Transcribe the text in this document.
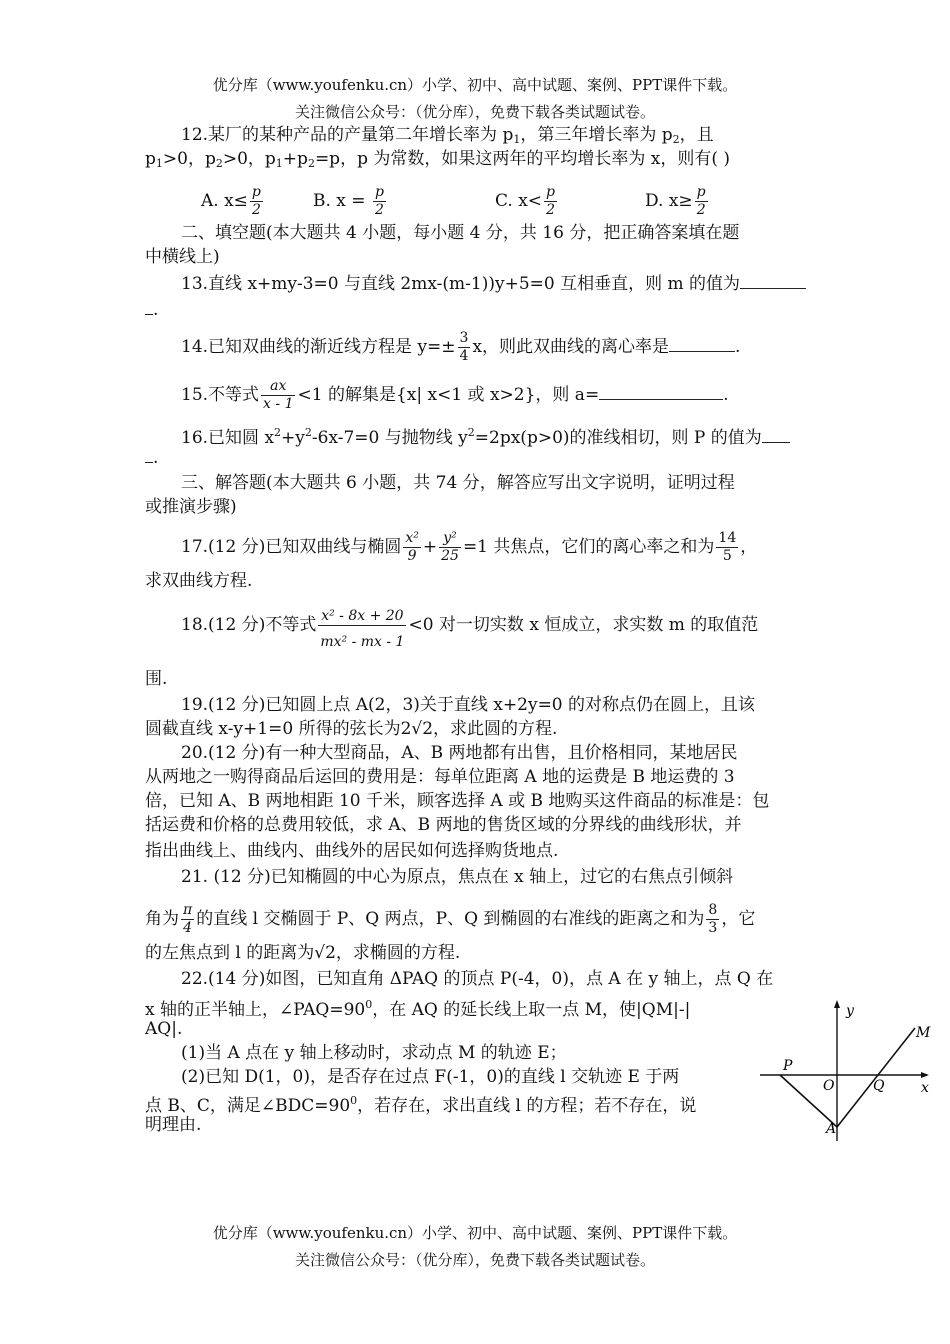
优分库（www.youfenku.cn）小学、初中、高中试题、案例、PPT课件下载。
关注微信公众号：（优分库），免费下载各类试题试卷。
12.某厂的某种产品的产量第二年增长率为 $p_1$，第三年增长率为 $p_2$，且
$p_1>0$，$p_2>0$，$p_1+p_2=p$，p 为常数，如果这两年的平均增长率为 x，则有( )
A. $x\le \frac{p}{2}$	B. $x = \frac{p}{2}$	C. $x< \frac{p}{2}$	D. $x\ge \frac{p}{2}$
二、填空题(本大题共 4 小题，每小题 4 分，共 16 分，把正确答案填在题
中横线上)
13.直线 x+my-3=0 与直线 2mx-(m-1))y+5=0 互相垂直，则 m 的值为
.
14.已知双曲线的渐近线方程是 $y=\pm \frac{3}{4}$ x，则此双曲线的离心率是	.
15.不等式 $\frac{ax}{x - 1} <1$ 的解集是{x| x<1 或 x>2}，则 a=	.
16.已知圆 $x^2+y^2-6x-7=0$ 与抛物线 $y^2=2px(p>0)$的准线相切，则 P 的值为
.
三、解答题(本大题共 6 小题，共 74 分，解答应写出文字说明，证明过程
或推演步骤)
17.(12 分)已知双曲线与椭圆 $\frac{\text{x²}}{9} + \frac{\text{y²}}{25} =1$ 共焦点，它们的离心率之和为 $\frac{14}{5}$ ，
求双曲线方程.
18.(12 分)不等式 $\frac{\text{x² - 8x + 20}}{\text{mx² - mx - 1}} <0$ 对一切实数 x 恒成立，求实数 m 的取值范
围.
19.(12 分)已知圆上点 A(2，3)关于直线 x+2y=0 的对称点仍在圆上，且该
圆截直线 x-y+1=0 所得的弦长为2√2，求此圆的方程.
20.(12 分)有一种大型商品，A、B 两地都有出售，且价格相同，某地居民
从两地之一购得商品后运回的费用是：每单位距离 A 地的运费是 B 地运费的 3
倍，已知 A、B 两地相距 10 千米，顾客选择 A 或 B 地购买这件商品的标准是：包
括运费和价格的总费用较低，求 A、B 两地的售货区域的分界线的曲线形状，并
指出曲线上、曲线内、曲线外的居民如何选择购货地点.
21. (12 分)已知椭圆的中心为原点，焦点在 x 轴上，过它的右焦点引倾斜
角为 $\frac{\pi}{4}$ 的直线 l 交椭圆于 P、Q 两点，P、Q 到椭圆的右准线的距离之和为 $\frac{8}{3}$ ，它
的左焦点到 l 的距离为√2，求椭圆的方程.
22.(14 分)如图，已知直角 ΔPAQ 的顶点 P(-4，0)，点 A 在 y 轴上，点 Q 在
x 轴的正半轴上，$\angle PAQ=90^0$，在 AQ 的延长线上取一点 M，使|QM|-|
AQ|.
(1)当 A 点在 y 轴上移动时，求动点 M 的轨迹 E；
(2)已知 D(1，0)，是否存在过点 F(-1，0)的直线 l 交轨迹 E 于两
点 B、C，满足$\angle BDC=90^0$，若存在，求出直线 l 的方程；若不存在，说
明理由.
y
x
M
P
O	Q
A
优分库（www.youfenku.cn）小学、初中、高中试题、案例、PPT课件下载。
关注微信公众号：（优分库），免费下载各类试题试卷。
